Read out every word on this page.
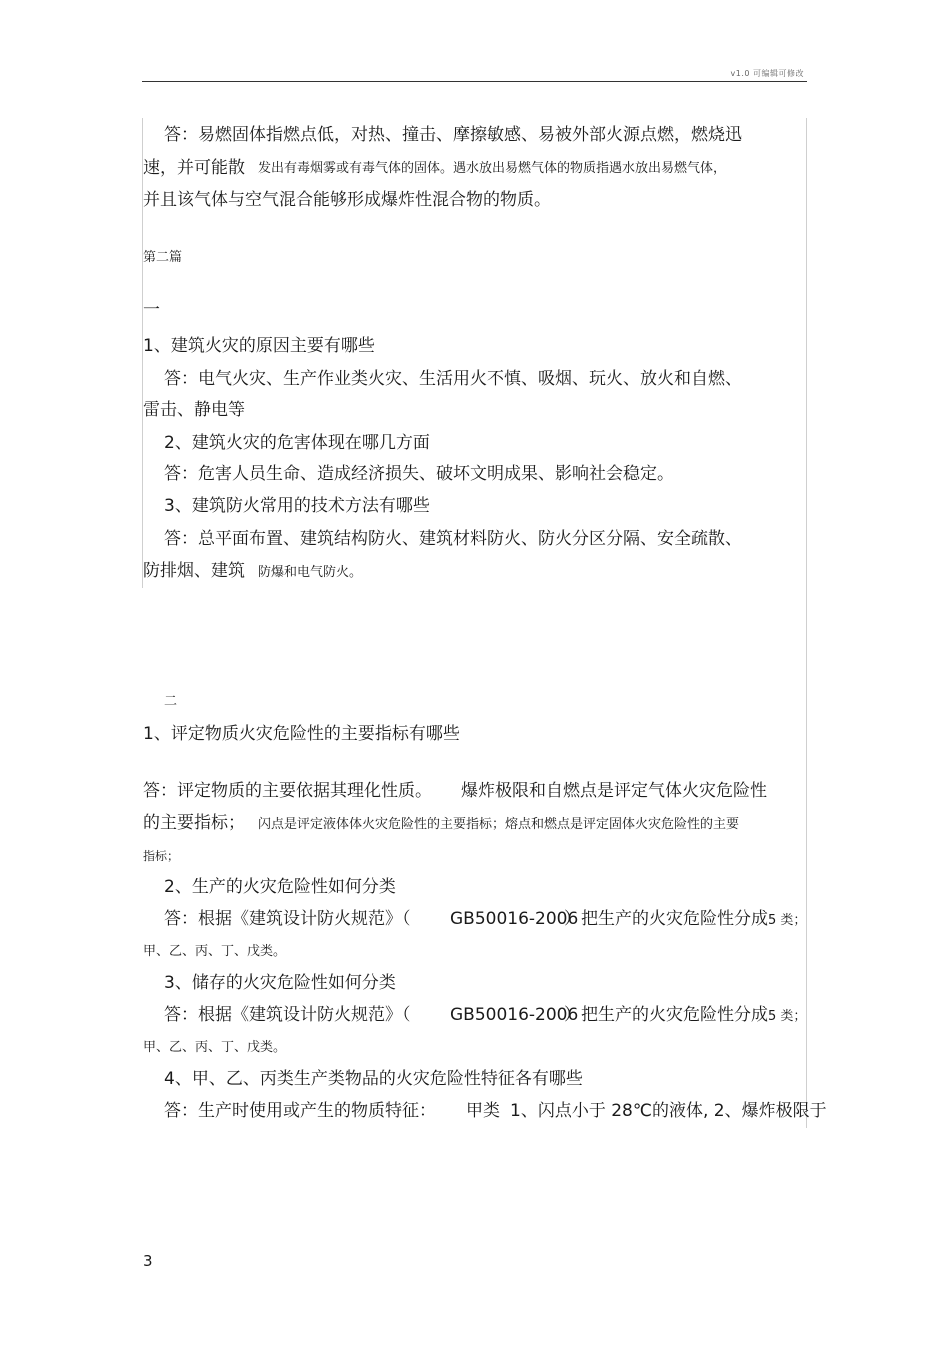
v1.0 可编辑可修改
答：易燃固体指燃点低，对热、撞击、摩擦敏感、易被外部火源点燃，燃烧迅
速，并可能散 发出有毒烟雾或有毒气体的固体。遇水放出易燃气体的物质指遇水放出易燃气体，
并且该气体与空气混合能够形成爆炸性混合物的物质。
第二篇
一
1、建筑火灾的原因主要有哪些
答：电气火灾、生产作业类火灾、生活用火不慎、吸烟、玩火、放火和自燃、
雷击、静电等
2、建筑火灾的危害体现在哪几方面
答：危害人员生命、造成经济损失、破坏文明成果、影响社会稳定。
3、建筑防火常用的技术方法有哪些
答：总平面布置、建筑结构防火、建筑材料防火、防火分区分隔、安全疏散、
防排烟、建筑 防爆和电气防火。
二
1、评定物质火灾危险性的主要指标有哪些
答：评定物质的主要依据其理化性质。 爆炸极限和自燃点是评定气体火灾危险性
的主要指标； 闪点是评定液体体火灾危险性的主要指标；熔点和燃点是评定固体火灾危险性的主要
指标；
2、生产的火灾危险性如何分类
答：根据《建筑设计防火规范》（ GB50016-2006
）把生产的火灾危险性分成 5 类；
甲、乙、丙、丁、戊类。
3、储存的火灾危险性如何分类
答：根据《建筑设计防火规范》（ GB50016-2006
）把生产的火灾危险性分成 5 类；
甲、乙、丙、丁、戊类。
4、甲、乙、丙类生产类物品的火灾危险性特征各有哪些
答：生产时使用或产生的物质特征： 甲类 1、闪点小于 28℃的液体, 2、爆炸极限于
3
